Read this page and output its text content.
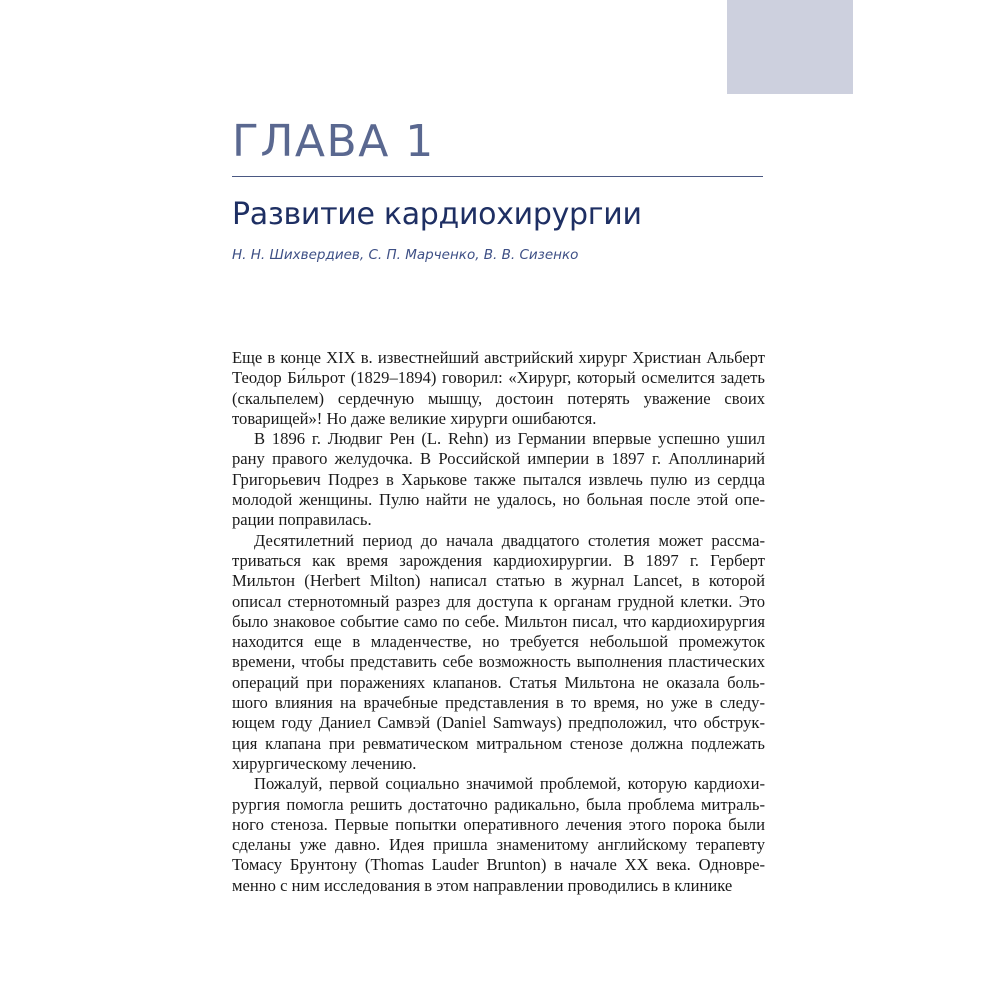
ГЛАВА 1
Развитие кардиохирургии

Н. Н. Шихвердиев, С. П. Марченко, В. В. Сизенко

Еще в конце XIX в. известнейший австрийский хирург Христиан Альберт Теодор Би́льрот (1829–1894) говорил: «Хирург, который осмелится задеть (скальпелем) сердечную мышцу, достоин потерять уважение своих товарищей»! Но даже великие хирурги ошибаются.

В 1896 г. Людвиг Рен (L. Rehn) из Германии впервые успешно ушил рану правого желудочка. В Российской империи в 1897 г. Аполлинарий Григорьевич Подрез в Харькове также пытался извлечь пулю из сердца молодой женщины. Пулю найти не удалось, но больная после этой операции поправилась.

Десятилетний период до начала двадцатого столетия может рассматриваться как время зарождения кардиохирургии. В 1897 г. Герберт Мильтон (Herbert Milton) написал статью в журнал Lancet, в которой описал стернотомный разрез для доступа к органам грудной клетки. Это было знаковое событие само по себе. Мильтон писал, что кардиохирургия находится еще в младенчестве, но требуется небольшой промежуток времени, чтобы представить себе возможность выполнения пластических операций при поражениях клапанов. Статья Мильтона не оказала большого влияния на врачебные представления в то время, но уже в следующем году Даниел Самвэй (Daniel Samways) предположил, что обструкция клапана при ревматическом митральном стенозе должна подлежать хирургическому лечению.

Пожалуй, первой социально значимой проблемой, которую кардиохирургия помогла решить достаточно радикально, была проблема митрального стеноза. Первые попытки оперативного лечения этого порока были сделаны уже давно. Идея пришла знаменитому английскому терапевту Томасу Брунтону (Thomas Lauder Brunton) в начале XX века. Одновременно с ним исследования в этом направлении проводились в клинике
